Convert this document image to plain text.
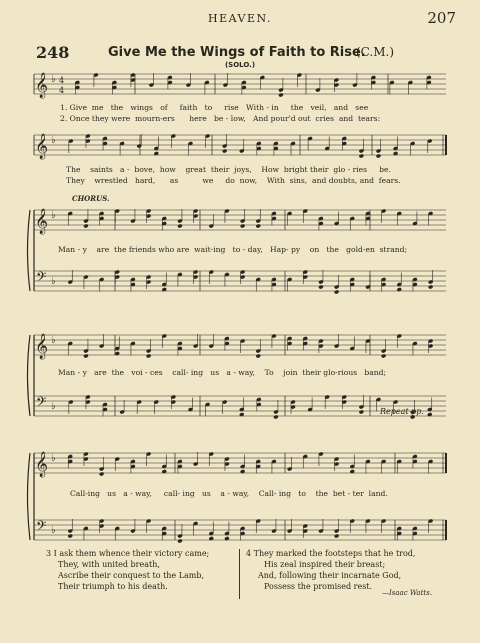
HEAVEN.	207
248	Give Me the Wings of Faith to Rise.
(C.M.)
(SOLO.)
𝄞 ♭ 4
4
𝄞 ♭
𝄞 ♭
𝄢 ♭
𝄞 ♭
𝄢 ♭
𝄞 ♭
𝄢 ♭
1. Give  me   the   wings   of     faith   to     rise   With - in     the   veil,   and   see
2. Once they were  mourn-ers      here   be - low,   And pour'd out  cries  and  tears:
The    saints   a -  bove,  how    great  their  joys,    How  bright their  glo - ries     be.
They    wrestled   hard,      as          we     do  now,    With  sins,  and doubts, and  fears.
CHORUS.
Man - y    are  the friends who are  wait-ing   to - day,   Hap- py    on   the   gold-en  strand;
Man - y   are  the   voi - ces    call- ing   us   a - way,    To    join  their glo-rious   band;
Repeat pp.
Call-ing   us   a - way,     call- ing   us    a - way,    Call- ing   to    the  bet - ter  land.
3 I ask them whence their victory came;
They, with united breath,
Ascribe their conquest to the Lamb,
Their triumph to his death.
4 They marked the footsteps that he trod,
His zeal inspired their breast;
And, following their incarnate God,
Possess the promised rest.
—Isaac Watts.
